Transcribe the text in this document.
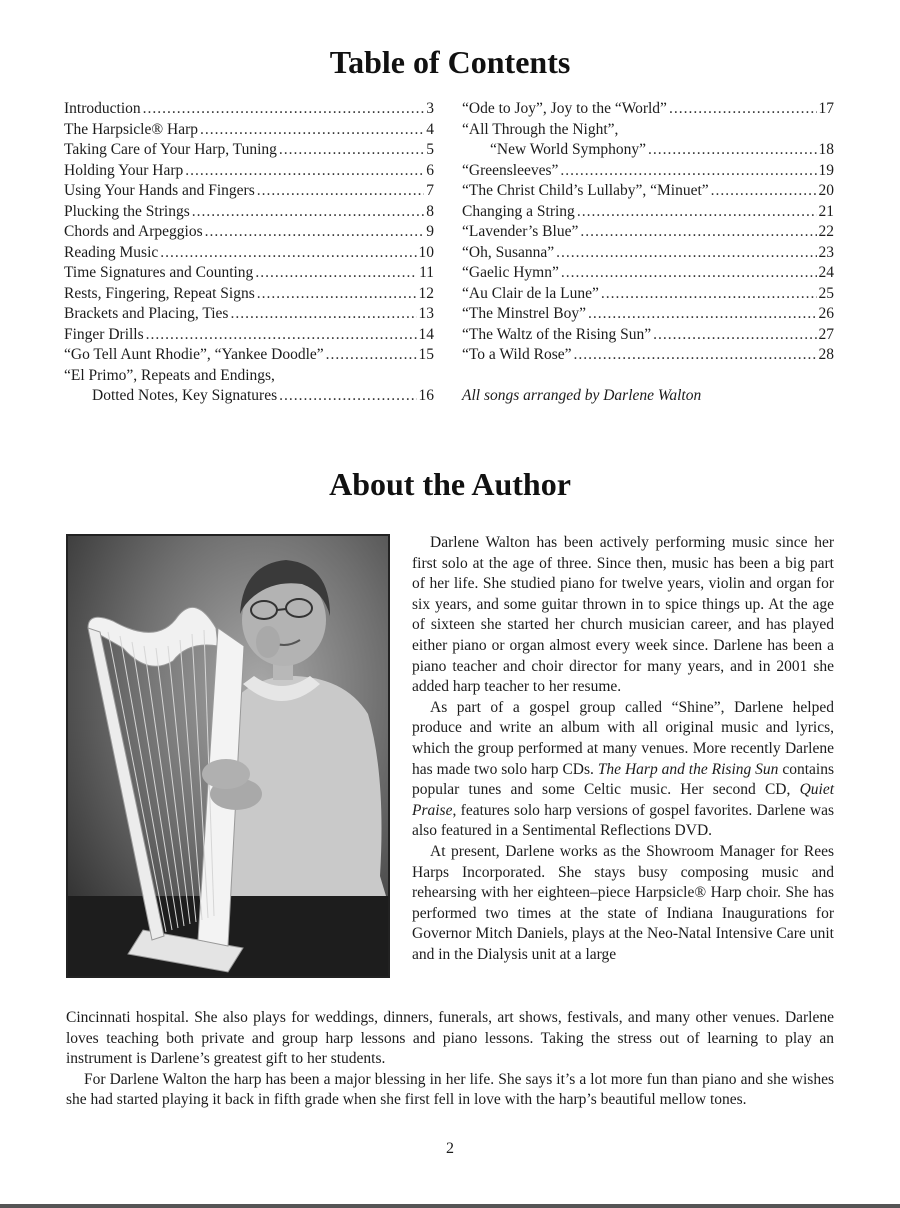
Table of Contents
Introduction .....	3
The Harpsicle® Harp .....	4
Taking Care of Your Harp, Tuning .....	5
Holding Your Harp .....	6
Using Your Hands and Fingers .....	7
Plucking the Strings .....	8
Chords and Arpeggios .....	9
Reading Music .....	10
Time Signatures and Counting .....	11
Rests, Fingering, Repeat Signs .....	12
Brackets and Placing, Ties .....	13
Finger Drills .....	14
“Go Tell Aunt Rhodie”, “Yankee Doodle” .....	15
“El Primo”, Repeats and Endings,
Dotted Notes, Key Signatures .....	16
“Ode to Joy”, Joy to the “World” .....	17
“All Through the Night”,
“New World Symphony” .....	18
“Greensleeves” .....	19
“The Christ Child’s Lullaby”, “Minuet” .....	20
Changing a String .....	21
“Lavender’s Blue” .....	22
“Oh, Susanna” .....	23
“Gaelic Hymn” .....	24
“Au Clair de la Lune” .....	25
“The Minstrel Boy” .....	26
“The Waltz of the Rising Sun” .....	27
“To a Wild Rose” .....	28
All songs arranged by Darlene Walton
About the Author

Darlene Walton has been actively performing music since her first solo at the age of three. Since then, music has been a big part of her life. She studied piano for twelve years, violin and organ for six years, and some guitar thrown in to spice things up. At the age of sixteen she started her church musician career, and has played either piano or organ almost every week since. Darlene has been a piano teacher and choir director for many years, and in 2001 she added harp teacher to her resume.

As part of a gospel group called “Shine”, Darlene helped produce and write an album with all original music and lyrics, which the group performed at many venues. More recently Darlene has made two solo harp CDs. The Harp and the Rising Sun contains popular tunes and some Celtic music. Her second CD, Quiet Praise, features solo harp versions of gospel favorites. Darlene was also featured in a Sentimental Reflections DVD.

At present, Darlene works as the Showroom Manager for Rees Harps Incorporated. She stays busy composing music and rehearsing with her eighteen–piece Harpsicle® Harp choir. She has performed two times at the state of Indiana Inaugurations for Governor Mitch Daniels, plays at the Neo-Natal Intensive Care unit and in the Dialysis unit at a large

Cincinnati hospital. She also plays for weddings, dinners, funerals, art shows, festivals, and many other venues. Darlene loves teaching both private and group harp lessons and piano lessons. Taking the stress out of learning to play an instrument is Darlene’s greatest gift to her students.

For Darlene Walton the harp has been a major blessing in her life. She says it’s a lot more fun than piano and she wishes she had started playing it back in fifth grade when she first fell in love with the harp’s beautiful mellow tones.

2
